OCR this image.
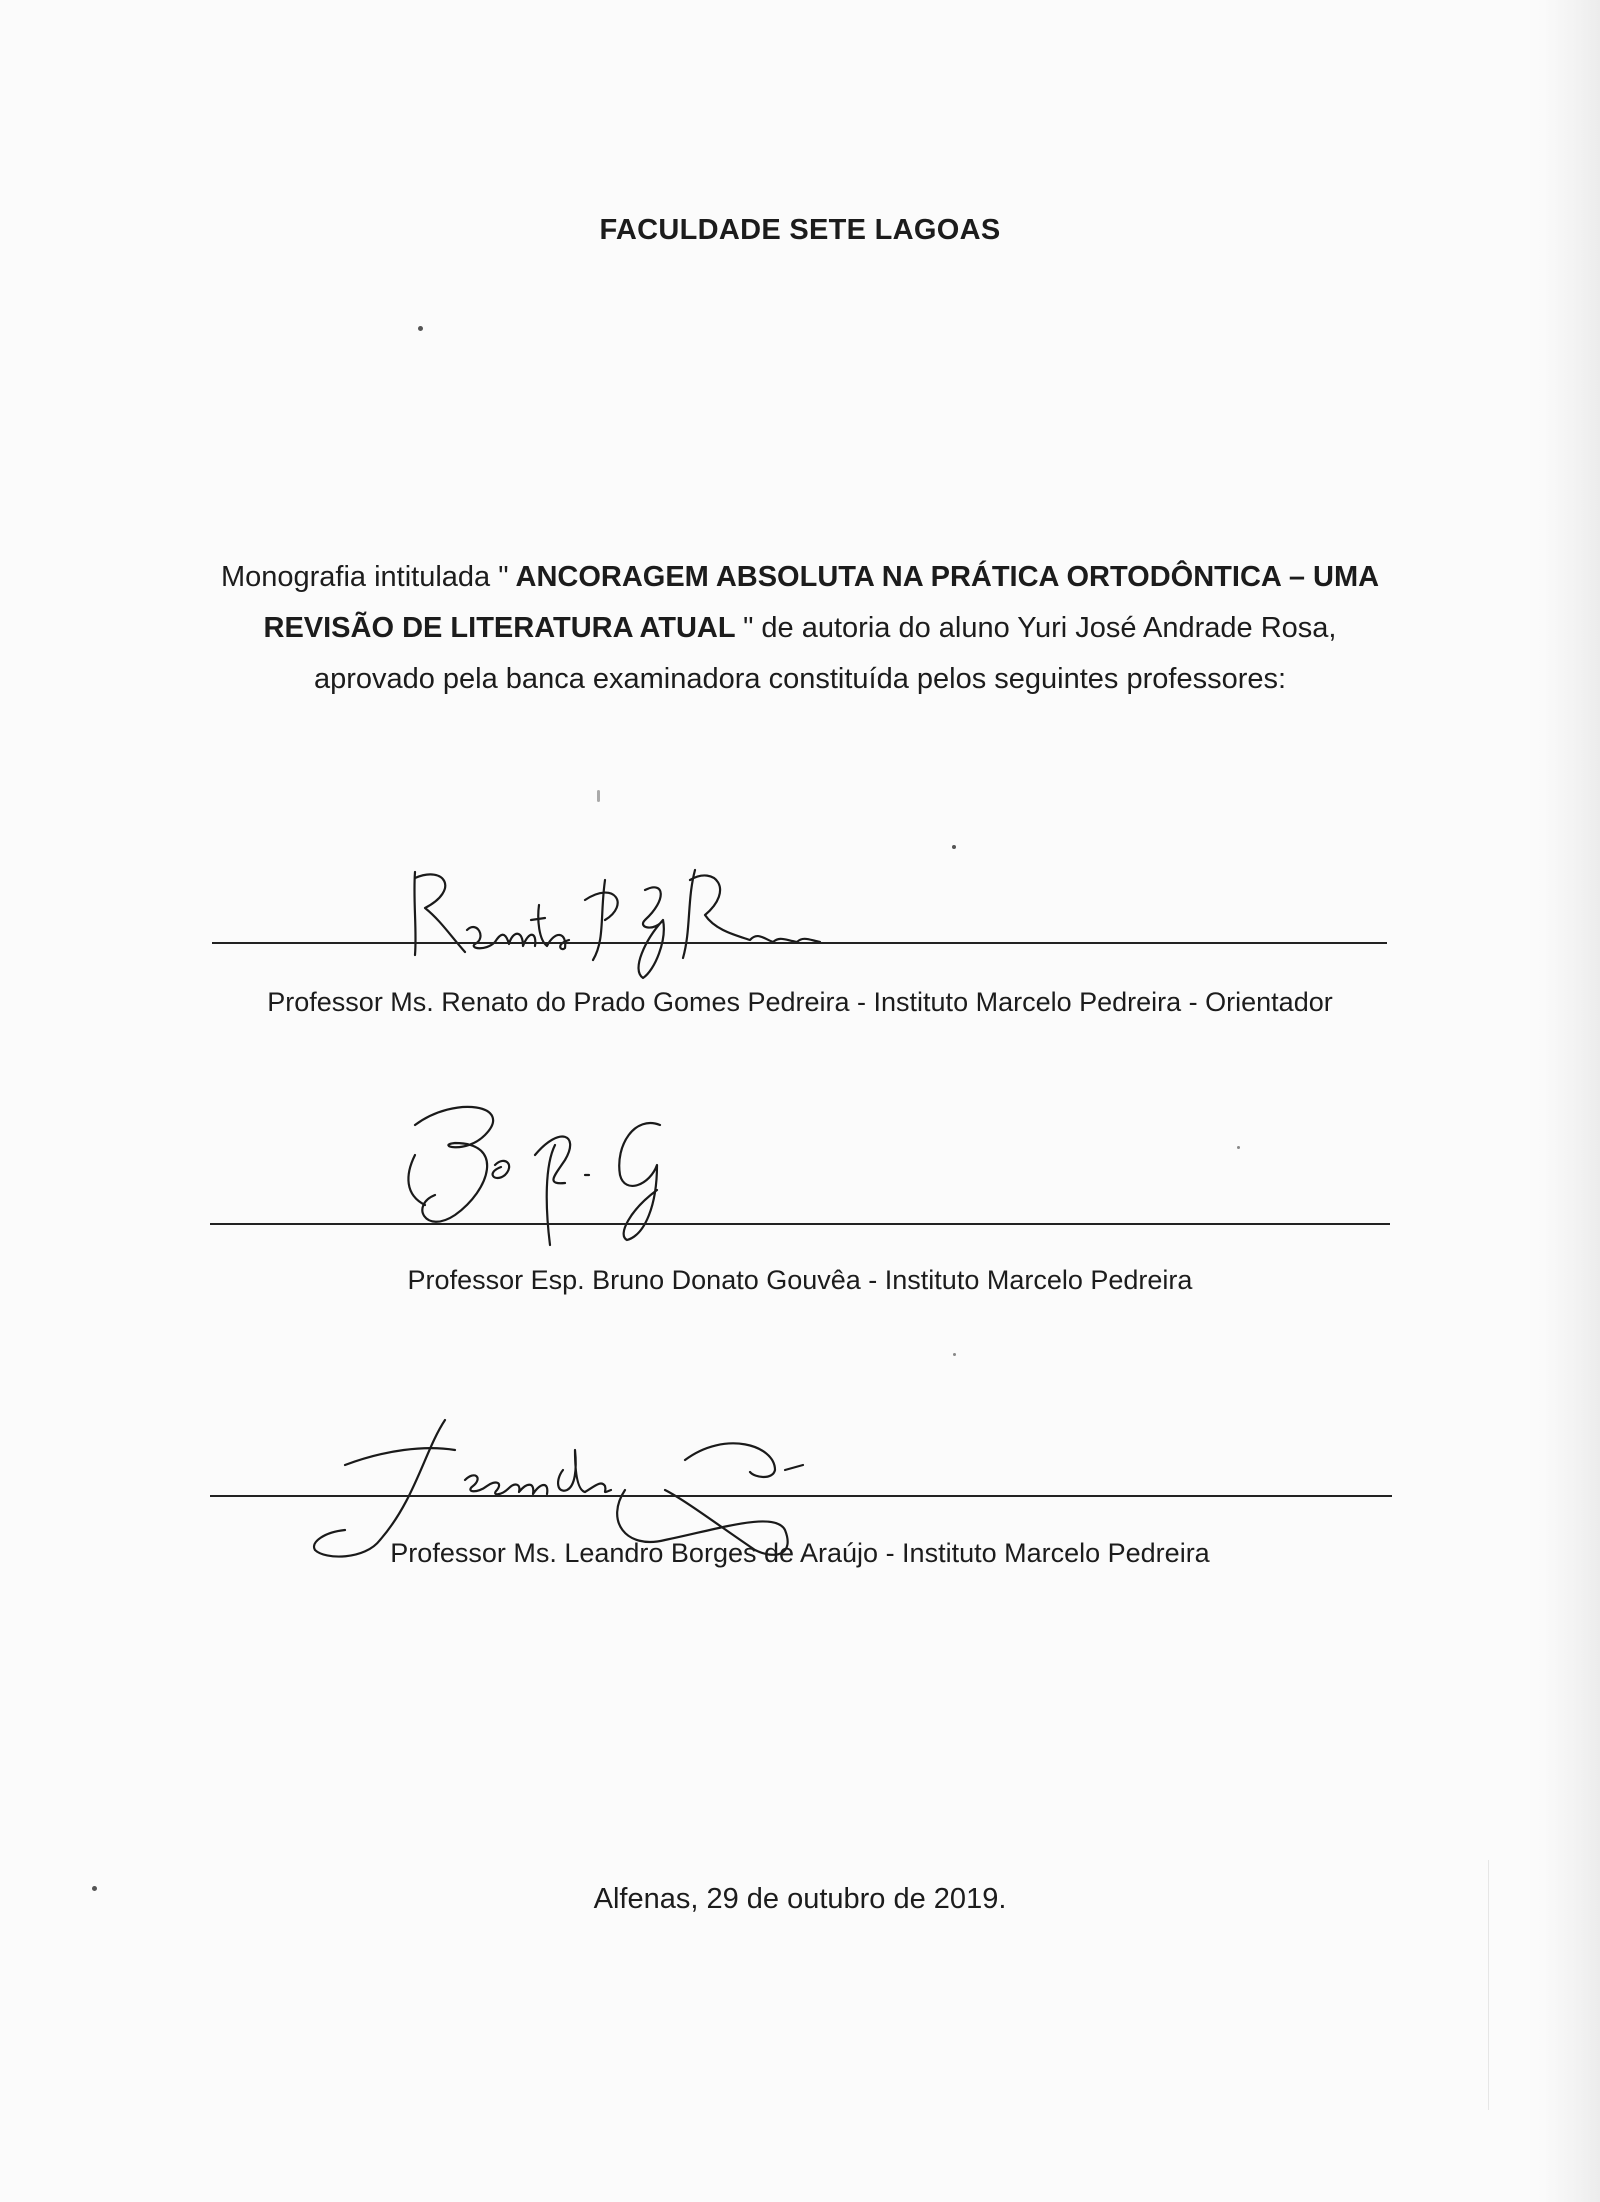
FACULDADE SETE LAGOAS
Monografia intitulada " ANCORAGEM ABSOLUTA NA PRÁTICA ORTODÔNTICA – UMA REVISÃO DE LITERATURA ATUAL " de autoria do aluno Yuri José Andrade Rosa, aprovado pela banca examinadora constituída pelos seguintes professores:
Professor Ms. Renato do Prado Gomes Pedreira - Instituto Marcelo Pedreira - Orientador
Professor Esp. Bruno Donato Gouvêa - Instituto Marcelo Pedreira
Professor Ms. Leandro Borges de Araújo - Instituto Marcelo Pedreira
Alfenas, 29 de outubro de 2019.
